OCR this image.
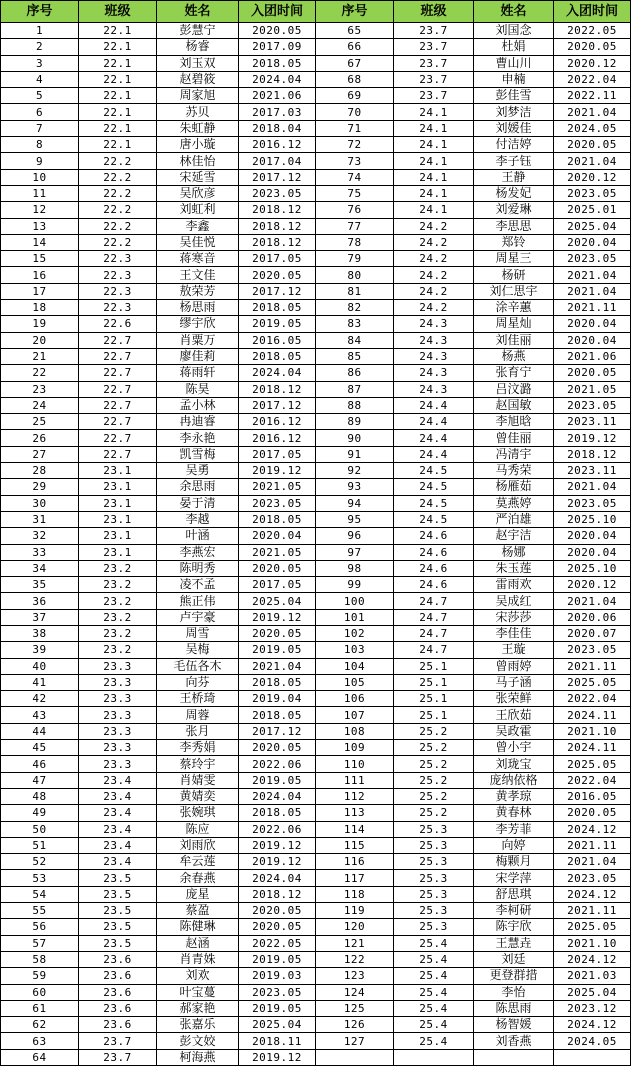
序号	班级	姓名	入团时间	序号	班级	姓名	入团时间
1	22.1	彭慧宁	2020.05	65	23.7	刘国念	2022.05
2	22.1	杨睿	2017.09	66	23.7	杜娟	2020.05
3	22.1	刘玉双	2018.05	67	23.7	曹山川	2020.12
4	22.1	赵碧筱	2024.04	68	23.7	申楠	2022.04
5	22.1	周家旭	2021.06	69	23.7	彭佳雪	2022.11
6	22.1	苏贝	2017.03	70	24.1	刘梦洁	2021.04
7	22.1	朱虹静	2018.04	71	24.1	刘媛佳	2024.05
8	22.1	唐小璇	2016.12	72	24.1	付洁婷	2020.05
9	22.2	林佳怡	2017.04	73	24.1	李子钰	2021.04
10	22.2	宋延雪	2017.12	74	24.1	王静	2020.12
11	22.2	吴欣彦	2023.05	75	24.1	杨发妃	2023.05
12	22.2	刘虹利	2018.12	76	24.1	刘爱琳	2025.01
13	22.2	李鑫	2018.12	77	24.2	李思思	2025.04
14	22.2	吴佳悦	2018.12	78	24.2	郑铃	2020.04
15	22.3	蒋寒音	2017.05	79	24.2	周星三	2023.05
16	22.3	王文佳	2020.05	80	24.2	杨研	2021.04
17	22.3	敖荣芳	2017.12	81	24.2	刘仁思宇	2021.04
18	22.3	杨思雨	2018.05	82	24.2	涂辛蕙	2021.11
19	22.6	缪宇欣	2019.05	83	24.3	周星灿	2020.04
20	22.7	肖粟万	2016.05	84	24.3	刘佳丽	2020.04
21	22.7	廖佳莉	2018.05	85	24.3	杨燕	2021.06
22	22.7	蒋雨轩	2024.04	86	24.3	张育宁	2020.05
23	22.7	陈昊	2018.12	87	24.3	吕汶潞	2021.05
24	22.7	孟小林	2017.12	88	24.4	赵国敏	2023.05
25	22.7	冉迪睿	2016.12	89	24.4	李旭晗	2023.11
26	22.7	李永艳	2016.12	90	24.4	曾佳丽	2019.12
27	22.7	凯雪梅	2017.05	91	24.4	冯清宇	2018.12
28	23.1	吴勇	2019.12	92	24.5	马秀荣	2023.11
29	23.1	余思雨	2021.05	93	24.5	杨雁茹	2021.04
30	23.1	晏于清	2023.05	94	24.5	莫燕婷	2023.05
31	23.1	李越	2018.05	95	24.5	严泊雄	2025.10
32	23.1	叶涵	2020.04	96	24.6	赵宇洁	2020.04
33	23.1	李燕宏	2021.05	97	24.6	杨娜	2020.04
34	23.2	陈明秀	2020.05	98	24.6	朱玉莲	2025.10
35	23.2	凌不孟	2017.05	99	24.6	雷雨欢	2020.12
36	23.2	熊正伟	2025.04	100	24.7	吴成红	2021.04
37	23.2	卢宇豪	2019.12	101	24.7	宋莎莎	2020.06
38	23.2	周雪	2020.05	102	24.7	李佳佳	2020.07
39	23.2	吴梅	2019.05	103	24.7	王璇	2023.05
40	23.3	毛伍各木	2021.04	104	25.1	曾雨婷	2021.11
41	23.3	向芬	2018.05	105	25.1	马子涵	2025.05
42	23.3	王桥琦	2019.04	106	25.1	张荣鲜	2022.04
43	23.3	周蓉	2018.05	107	25.1	王欣茹	2024.11
44	23.3	张月	2017.12	108	25.2	吴政霍	2021.10
45	23.3	李秀娟	2020.05	109	25.2	曾小宇	2024.11
46	23.3	蔡玲宇	2022.06	110	25.2	刘珑宝	2025.05
47	23.4	肖婧雯	2019.05	111	25.2	庞纳依格	2022.04
48	23.4	黄婧奕	2024.04	112	25.2	黄孝琼	2016.05
49	23.4	张婉琪	2018.05	113	25.2	黄春林	2020.05
50	23.4	陈应	2022.06	114	25.3	李芳菲	2024.12
51	23.4	刘雨欣	2019.12	115	25.3	向婷	2021.11
52	23.4	牟云莲	2019.12	116	25.3	梅颗月	2021.04
53	23.5	余春燕	2024.04	117	25.3	宋学萍	2023.05
54	23.5	庞星	2018.12	118	25.3	舒思琪	2024.12
55	23.5	蔡盈	2020.05	119	25.3	李柯研	2021.11
56	23.5	陈健琳	2020.05	120	25.3	陈宇欣	2025.05
57	23.5	赵涵	2022.05	121	25.4	王慧垚	2021.10
58	23.6	肖青姝	2019.05	122	25.4	刘廷	2024.12
59	23.6	刘欢	2019.03	123	25.4	更登群措	2021.03
60	23.6	叶宝蔓	2023.05	124	25.4	李怡	2025.04
61	23.6	郝家艳	2019.05	125	25.4	陈思雨	2023.12
62	23.6	张嘉乐	2025.04	126	25.4	杨智媛	2024.12
63	23.7	彭文姣	2018.11	127	25.4	刘香燕	2024.05
64	23.7	柯海燕	2019.12				
